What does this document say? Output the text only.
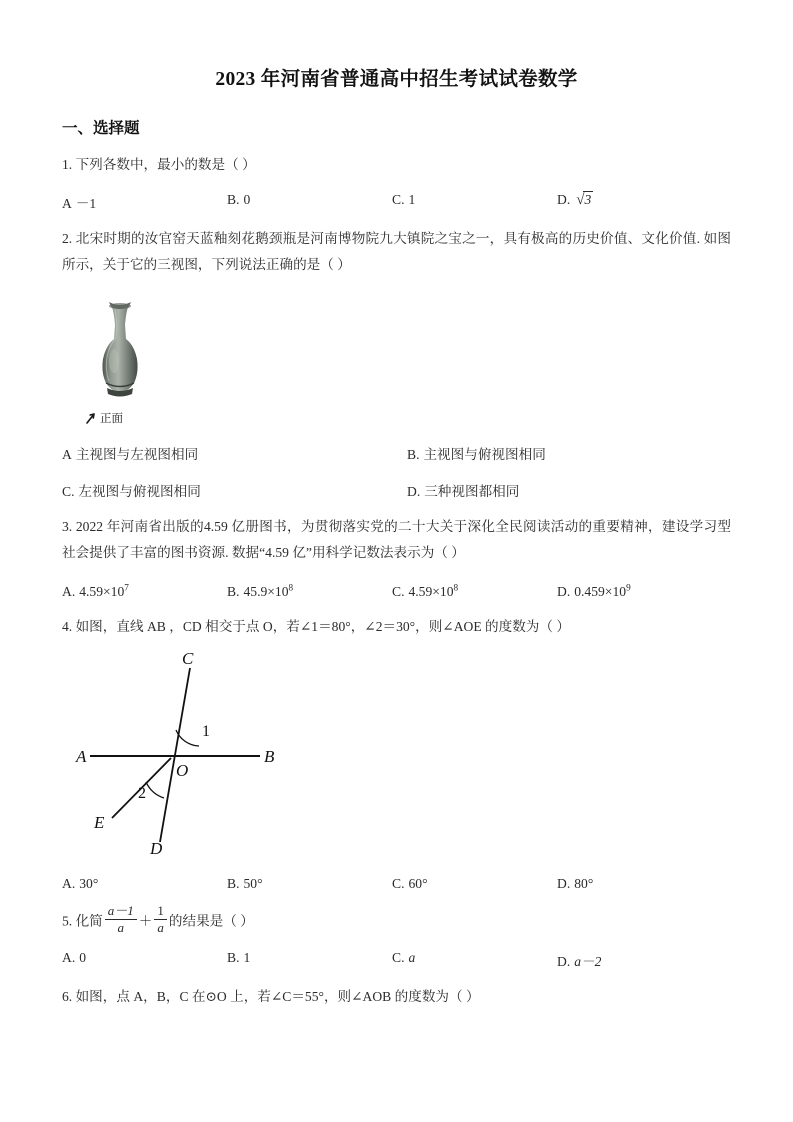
2023 年河南省普通高中招生考试试卷数学
一、选择题
1. 下列各数中，最小的数是（ ）
A －1	B. 0	C. 1	D. √3
2. 北宋时期的汝官窑天蓝釉刻花鹅颈瓶是河南博物院九大镇院之宝之一，具有极高的历史价值、文化价值. 如图所示，关于它的三视图，下列说法正确的是（ ）
正面
A 主视图与左视图相同	B. 主视图与俯视图相同
C. 左视图与俯视图相同	D. 三种视图都相同
3. 2022 年河南省出版的4.59 亿册图书，为贯彻落实党的二十大关于深化全民阅读活动的重要精神，建设学习型社会提供了丰富的图书资源. 数据“4.59 亿”用科学记数法表示为（ ）
A. $4.59\times 10^7$	B. $45.9\times 10^8$	C. $4.59\times 10^8$	D. $0.459\times 10^9$
4. 如图，直线 AB ，CD 相交于点 O，若∠1＝80°，∠2＝30°，则∠AOE 的度数为（ ）
A	B
C
D
E
O
1
2
A. 30°	B. 50°	C. 60°	D. 80°
5. 化简 $\frac{a-1}{a} + \frac{1}{a}$ 的结果是（ ）
A. 0	B. 1	C. a	D. a－2
6. 如图，点 A，B，C 在⊙O 上，若∠C＝55°，则∠AOB 的度数为（ ）
